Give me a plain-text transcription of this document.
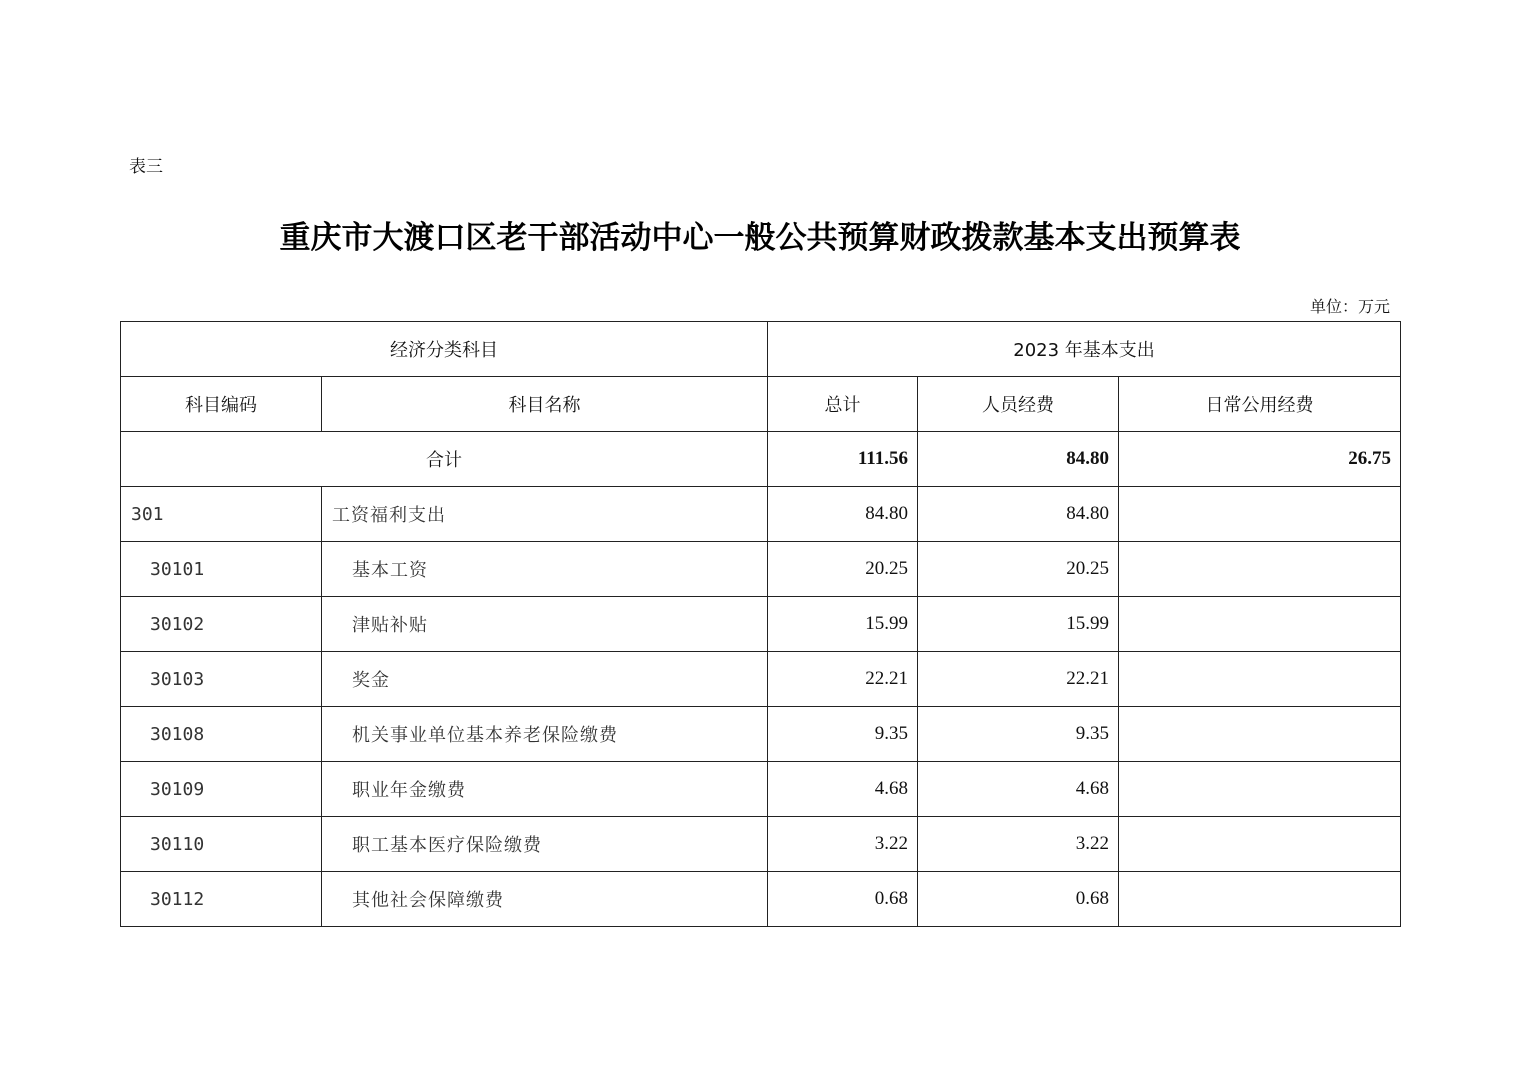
表三
重庆市大渡口区老干部活动中心一般公共预算财政拨款基本支出预算表
单位：万元
经济分类科目		2023 年基本支出		
科目编码	科目名称	总计	人员经费	日常公用经费
合计		111.56	84.80	26.75
301	工资福利支出	84.80	84.80	
30101	基本工资	20.25	20.25	
30102	津贴补贴	15.99	15.99	
30103	奖金	22.21	22.21	
30108	机关事业单位基本养老保险缴费	9.35	9.35	
30109	职业年金缴费	4.68	4.68	
30110	职工基本医疗保险缴费	3.22	3.22	
30112	其他社会保障缴费	0.68	0.68	
